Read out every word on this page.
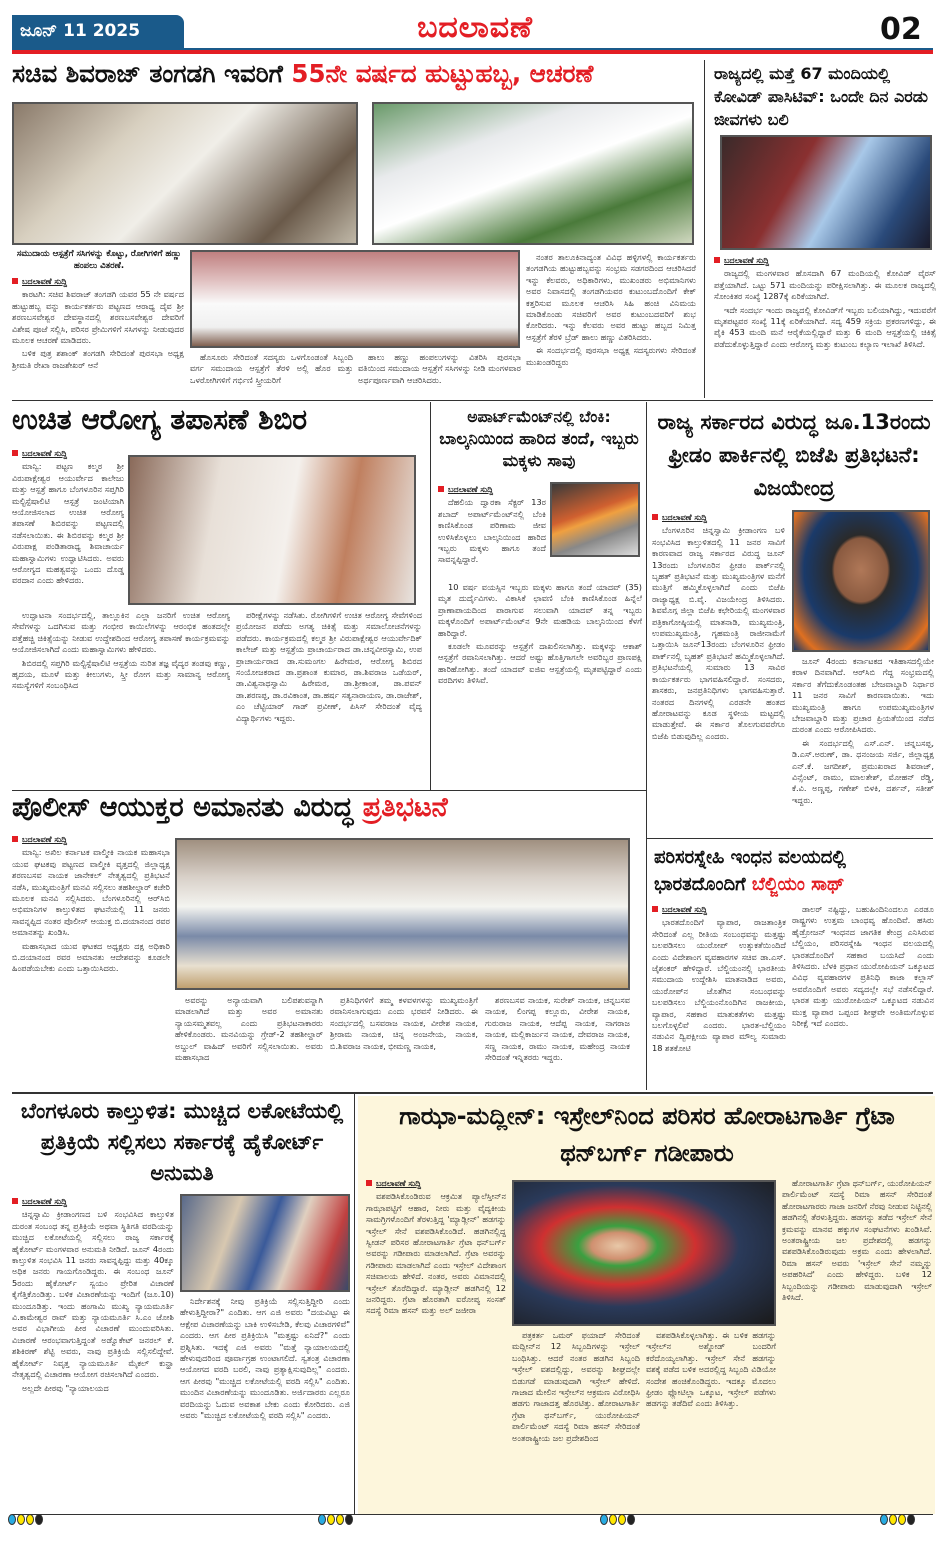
ಜೂನ್ 11 2025	ಬದಲಾವಣೆ	02
ಸಚಿವ ಶಿವರಾಜ್ ತಂಗಡಗಿ ಇವರಿಗೆ 55ನೇ ವರ್ಷದ ಹುಟ್ಟುಹಬ್ಬ, ಆಚರಣೆ
ಸಮುದಾಯ ಆಸ್ಪತ್ರೆಗೆ ಸಸಿಗಳನ್ನು ಕೊಟ್ಟು, ರೋಗಿಗಳಿಗೆ ಹಣ್ಣು ಹಂಪಲು ವಿತರಣೆ.

ಬದಲಾವಣೆ ಸುದ್ದಿ

ಕಾರಟಗಿ: ಸಚಿವ ಶಿವರಾಜ್ ತಂಗಡಗಿ ಯವರ 55 ನೇ ವರ್ಷದ ಹುಟ್ಟುಹಬ್ಬ ವನ್ನು ಕಾರ್ಯಕರ್ತರು ಪಟ್ಟಣದ ಆರಾಧ್ಯ ದೈವ ಶ್ರೀ ಶರಣಬಸವೇಶ್ವರ ದೇವಸ್ಥಾನದಲ್ಲಿ ಶರಣಬಸವೇಶ್ವರ ದೇವರಿಗೆ ವಿಶೇಷ ಪೂಜೆ ಸಲ್ಲಿಸಿ, ಪರಿಸರ ಪ್ರೇಮಿಗಳಿಗೆ ಸಸಿಗಳನ್ನು ನೀಡುವುದರ ಮೂಲಕ ಆಚರಣೆ ಮಾಡಿದರು.

ಬಳಿಕ ಪುತ್ರ ಶಶಾಂಕ್ ತಂಗಡಗಿ ಸೇರಿದಂತೆ ಪುರಸಭಾ ಅಧ್ಯಕ್ಷ ಶ್ರೀಮತಿ ರೇಖಾ ರಾಜಶೇಖರ್ ಆನೆ

ಹೊಸೂರು ಸೇರಿದಂತೆ ಸದಸ್ಯರು ಒಳಗೊಂಡಂತೆ ಸಿಬ್ಬಂದಿ ವರ್ಗ ಸಮುದಾಯ ಆಸ್ಪತ್ರೆಗೆ ತೆರಳಿ ಅಲ್ಲಿ ಹೊರ ಮತ್ತು ಒಳರೋಗಿಗಳಿಗೆ ಗರ್ಭಿಣಿ ಸ್ತ್ರೀಯರಿಗೆ

ಹಾಲು ಹಣ್ಣು ಹಂಪಲುಗಳನ್ನು ವಿತರಿಸಿ ಪುರಸಭಾ ವತಿಯಿಂದ ಸಮುದಾಯ ಆಸ್ಪತ್ರೆಗೆ ಸಸಿಗಳನ್ನು ನೀಡಿ ಮಂಗಳವಾರ ಅರ್ಥಪೂರ್ಣವಾಗಿ ಆಚರಿಸಿದರು.

ನಂತರ ತಾಲೂಕಿನಾದ್ಯಂತ ವಿವಿಧ ಹಳ್ಳಿಗಳಲ್ಲಿ ಕಾರ್ಯಕರ್ತರು ತಂಗಡಗಿಯ ಹುಟ್ಟುಹಬ್ಬವನ್ನು ಸಂಭ್ರಮ ಸಡಗರದಿಂದ ಆಚರಿಸಿದರೆ ಇನ್ನು ಕೆಲವರು, ಅಧಿಕಾರಿಗಳು, ಮುಖಂಡರು ಅಭಿಮಾನಿಗಳು ಅವರ ನಿವಾಸದಲ್ಲಿ ತಂಗಡಗಿಯವರ ಕುಟುಂಬದೊಂದಿಗೆ ಕೇಕ್ ಕತ್ತರಿಸುವ ಮೂಲಕ ಆಚರಿಸಿ ಸಿಹಿ ಹಂಚಿ ವಿನಿಮಯ ಮಾಡಿಕೊಂಡು ಸಚಿವರಿಗೆ ಅವರ ಕುಟುಂಬದವರಿಗೆ ಶುಭ ಕೋರಿದರು. ಇನ್ನು ಕೆಲವರು ಅವರ ಹುಟ್ಟು ಹಬ್ಬದ ನಿಮಿತ್ತ ಆಸ್ಪತ್ರೆಗೆ ತೆರಳಿ ಬ್ರೆಡ್ ಹಾಲು ಹಣ್ಣು ವಿತರಿಸಿದರು.

ಈ ಸಂದರ್ಭದಲ್ಲಿ ಪುರಸಭಾ ಅಧ್ಯಕ್ಷ ಸದಸ್ಯರುಗಳು ಸೇರಿದಂತೆ ಮುಖಂಡರಿದ್ದರು

ರಾಜ್ಯದಲ್ಲಿ ಮತ್ತೆ 67 ಮಂದಿಯಲ್ಲಿ ಕೋವಿಡ್ ಪಾಸಿಟಿವ್: ಒಂದೇ ದಿನ ಎರಡು ಜೀವಗಳು ಬಲಿ

ಬದಲಾವಣೆ ಸುದ್ದಿ

ರಾಜ್ಯದಲ್ಲಿ ಮಂಗಳವಾರ ಹೊಸದಾಗಿ 67 ಮಂದಿಯಲ್ಲಿ ಕೋವಿಡ್ ವೈರಸ್ ಪತ್ತೆಯಾಗಿದೆ. ಒಟ್ಟು 571 ಮಂದಿಯನ್ನು ಪರೀಕ್ಷಿಸಲಾಗಿತ್ತು. ಈ ಮೂಲಕ ರಾಜ್ಯದಲ್ಲಿ ಸೋಂಕಿತರ ಸಂಖ್ಯೆ 1287ಕ್ಕೆ ಏರಿಕೆಯಾಗಿದೆ.

ಇದೇ ಸಂದರ್ಭ ಇಂದು ರಾಜ್ಯದಲ್ಲಿ ಕೋವಿಡ್‌ಗೆ ಇಬ್ಬರು ಬಲಿಯಾಗಿದ್ದು, ಇದುವರೆಗೆ ಮೃತಪಟ್ಟವರ ಸಂಖ್ಯೆ 11ಕ್ಕೆ ಏರಿಕೆಯಾಗಿದೆ. ಸದ್ಯ 459 ಸಕ್ರಿಯ ಪ್ರಕರಣಗಳಿದ್ದು, ಈ ಪೈಕಿ 453 ಮಂದಿ ಮನೆ ಆರೈಕೆಯಲ್ಲಿದ್ದಾರೆ ಮತ್ತು 6 ಮಂದಿ ಆಸ್ಪತ್ರೆಯಲ್ಲಿ ಚಿಕಿತ್ಸೆ ಪಡೆದುಕೊಳ್ಳುತ್ತಿದ್ದಾರೆ ಎಂದು ಆರೋಗ್ಯ ಮತ್ತು ಕುಟುಂಬ ಕಲ್ಯಾಣ ಇಲಾಖೆ ತಿಳಿಸಿದೆ.

ಉಚಿತ ಆರೋಗ್ಯ ತಪಾಸಣೆ ಶಿಬಿರ

ಬದಲಾವಣೆ ಸುದ್ದಿ

ಮಾನ್ವಿ: ಪಟ್ಟಣ ಕಲ್ಮಠ ಶ್ರೀ ವಿರುಪಾಕ್ಷೇಶ್ವರ ಆಯುರ್ವೇದ ಕಾಲೇಜು ಮತ್ತು ಆಸ್ಪತ್ರೆ ಹಾಗೂ ಬೆಂಗಳೂರಿನ ಸಪ್ತಗಿರಿ ಮಲ್ಟಿಸ್ಪೆಷಾಲಿಟಿ ಆಸ್ಪತ್ರೆ ಜಂಟಿಯಾಗಿ ಆಯೋಜಿಸಲಾದ ಉಚಿತ ಆರೋಗ್ಯ ತಪಾಸಣೆ ಶಿಬಿರವನ್ನು ಪಟ್ಟಣದಲ್ಲಿ ನಡೆಸಲಾಯಿತು. ಈ ಶಿಬಿರವನ್ನು ಕಲ್ಮಠ ಶ್ರೀ ವಿರುಪಾಕ್ಷ ಪಂಡಿತಾರಾಧ್ಯ ಶಿವಾಚಾರ್ಯ ಮಹಾಸ್ವಾಮಿಗಳು ಉದ್ಘಾಟಿಸಿದರು. ಅವರು ಆರೋಗ್ಯದ ಮಹತ್ವವನ್ನು ಒಂದು ದೊಡ್ಡ ವರದಾನ ಎಂದು ಹೇಳಿದರು.

ಉದ್ಘಾಟನಾ ಸಂದರ್ಭದಲ್ಲಿ, ತಾಲ್ಲೂಕಿನ ಎಲ್ಲಾ ಜನರಿಗೆ ಉಚಿತ ಆರೋಗ್ಯ ಸೇವೆಗಳನ್ನು ಒದಗಿಸುವ ಮತ್ತು ಗಂಭೀರ ಕಾಯಿಲೆಗಳನ್ನು ಆರಂಭಿಕ ಹಂತದಲ್ಲೇ ಪತ್ತೆಹಚ್ಚಿ ಚಿಕಿತ್ಸೆಯನ್ನು ನೀಡುವ ಉದ್ದೇಶದಿಂದ ಆರೋಗ್ಯ ತಪಾಸಣೆ ಕಾರ್ಯಕ್ರಮವನ್ನು ಆಯೋಜಿಸಲಾಗಿದೆ ಎಂದು ಮಹಾಸ್ವಾಮಿಗಳು ಹೇಳಿದರು.

ಶಿಬಿರದಲ್ಲಿ ಸಪ್ತಗಿರಿ ಮಲ್ಟಿಸ್ಪೆಷಾಲಿಟಿ ಆಸ್ಪತ್ರೆಯ ನುರಿತ ತಜ್ಞ ವೈದ್ಯರ ತಂಡವು ಕಣ್ಣು, ಹೃದಯ, ಮೂಳೆ ಮತ್ತು ಕೀಲುಗಳು, ಸ್ತ್ರೀ ರೋಗ ಮತ್ತು ಸಾಮಾನ್ಯ ಆರೋಗ್ಯ ಸಮಸ್ಯೆಗಳಿಗೆ ಸಂಬಂಧಿಸಿದ

ಪರೀಕ್ಷೆಗಳನ್ನು ನಡೆಸಿತು. ರೋಗಿಗಳಿಗೆ ಉಚಿತ ಆರೋಗ್ಯ ಸೇವೆಗಳಿಂದ ಪ್ರಯೋಜನ ಪಡೆದು ಅಗತ್ಯ ಚಿಕಿತ್ಸೆ ಮತ್ತು ಸಮಾಲೋಚನೆಗಳನ್ನು ಪಡೆದರು. ಕಾರ್ಯಕ್ರಮದಲ್ಲಿ ಕಲ್ಮಠ ಶ್ರೀ ವಿರುಪಾಕ್ಷೇಶ್ವರ ಆಯುರ್ವೇದಿಕ್ ಕಾಲೇಜ್ ಮತ್ತು ಆಸ್ಪತ್ರೆಯ ಪ್ರಾಚಾರ್ಯರಾದ ಡಾ.ಚನ್ನವೀರಸ್ವಾಮಿ, ಉಪ ಪ್ರಾಚಾರ್ಯರಾದ ಡಾ.ಸುಮಂಗಲ ಹಿರೇಮಠ, ಆರೋಗ್ಯ ಶಿಬಿರದ ಸಂಯೋಜಕರಾದ ಡಾ.ಪ್ರಶಾಂತ ಕುಮಾರ, ಡಾ.ಶಿವರಾಜ ಒಡೆಯರ್, ಡಾ.ವಿಶ್ವನಾಥಸ್ವಾಮಿ ಹಿರೇಮಠ, ಡಾ.ಶ್ರೀಕಾಂತ, ಡಾ.ಪವನ್ ಡಾ.ಶರಣಪ್ಪ, ಡಾ.ರವಿಕಾಂತ, ಡಾ.ಹರ್ಷ ಸತ್ಯನಾರಾಯಣ, ಡಾ.ರಾಜೇಶ್, ಎಂ ಚೆಟ್ಟಿಯಾರ್ ಗಾಡ್ ಪ್ರವೀಣ್, ಪಿಸಿಸ್ ಸೇರಿದಂತೆ ವೈದ್ಯ ವಿದ್ಯಾರ್ಥಿಗಳು ಇದ್ದರು.

ಅಪಾರ್ಟ್‌ಮೆಂಟ್‌ನಲ್ಲಿ ಬೆಂಕಿ:
ಬಾಲ್ಕನಿಯಿಂದ ಹಾರಿದ ತಂದೆ, ಇಬ್ಬರು ಮಕ್ಕಳು ಸಾವು

ಬದಲಾವಣೆ ಸುದ್ದಿ

ದೆಹಲಿಯ ದ್ವಾರಕಾ ಸೆಕ್ಟರ್ 13ರ ಶಬಾದ್ ಅಪಾರ್ಟ್‌ಮೆಂಟ್‌ನಲ್ಲಿ ಬೆಂಕಿ ಕಾಣಿಸಿಕೊಂಡ ಪರಿಣಾಮ ಜೀವ ಉಳಿಸಿಕೊಳ್ಳಲು ಬಾಲ್ಕನಿಯಿಂದ ಹಾರಿದ ಇಬ್ಬರು ಮಕ್ಕಳು ಹಾಗೂ ತಂದೆ ಸಾವನ್ನಪ್ಪಿದ್ದಾರೆ.

10 ವರ್ಷ ವಯಸ್ಸಿನ ಇಬ್ಬರು ಮಕ್ಕಳು ಹಾಗೂ ತಂದೆ ಯಾದವ್ (35) ಮೃತ ದುರ್ದೈವಿಗಳು. ವಿಕಾಸಿಕೆ ಛಾವಣಿ ಬೆಂಕಿ ಕಾಣಿಸಿಕೊಂಡ ಹಿನ್ನೆಲೆ ಪ್ರಾಣಾಪಾಯದಿಂದ ಪಾರಾಗುವ ಸಲುವಾಗಿ ಯಾದವ್ ತನ್ನ ಇಬ್ಬರು ಮಕ್ಕಳೊಂದಿಗೆ ಅಪಾರ್ಟ್‌ಮೆಂಟ್‌ನ 9ನೇ ಮಹಡಿಯ ಬಾಲ್ಕನಿಯಿಂದ ಕೆಳಗೆ ಹಾರಿದ್ದಾರೆ.

ಕೂಡಲೇ ಮೂವರನ್ನು ಆಸ್ಪತ್ರೆಗೆ ದಾಖಲಿಸಲಾಗಿತ್ತು. ಮಕ್ಕಳನ್ನು ಆಕಾಶ್ ಆಸ್ಪತ್ರೆಗೆ ರವಾನಿಸಲಾಗಿತ್ತು. ಆದರೆ ಅಷ್ಟು ಹೊತ್ತಿಗಾಗಲೇ ಅವರಿಬ್ಬರ ಪ್ರಾಣಪಕ್ಷಿ ಹಾರಿಹೋಗಿತ್ತು. ತಂದೆ ಯಾದವ್ ಐಜಿಐ ಆಸ್ಪತ್ರೆಯಲ್ಲಿ ಮೃತಪಟ್ಟಿದ್ದಾರೆ ಎಂದು ವರದಿಗಳು ತಿಳಿಸಿವೆ.

ರಾಜ್ಯ ಸರ್ಕಾರದ ವಿರುದ್ಧ ಜೂ.13ರಂದು ಫ್ರೀಡಂ ಪಾರ್ಕಿನಲ್ಲಿ ಬಿಜೆಪಿ ಪ್ರತಿಭಟನೆ: ವಿಜಯೇಂದ್ರ

ಬದಲಾವಣೆ ಸುದ್ದಿ

ಬೆಂಗಳೂರಿನ ಚಿನ್ನಸ್ವಾಮಿ ಕ್ರೀಡಾಂಗಣ ಬಳಿ ಸಂಭವಿಸಿದ ಕಾಲ್ತುಳಿತದಲ್ಲಿ 11 ಜನರ ಸಾವಿಗೆ ಕಾರಣವಾದ ರಾಜ್ಯ ಸರ್ಕಾರದ ವಿರುದ್ಧ ಜೂನ್ 13ರಂದು ಬೆಂಗಳೂರಿನ ಫ್ರೀಡಂ ಪಾರ್ಕ್‌ನಲ್ಲಿ ಬೃಹತ್ ಪ್ರತಿಭಟನೆ ಮತ್ತು ಮುಖ್ಯಮಂತ್ರಿಗಳ ಮನೆಗೆ ಮುತ್ತಿಗೆ ಹಮ್ಮಿಕೊಳ್ಳಲಾಗಿದೆ ಎಂದು ಬಿಜೆಪಿ ರಾಜ್ಯಾಧ್ಯಕ್ಷ ಬಿ.ವೈ. ವಿಜಯೇಂದ್ರ ತಿಳಿಸಿದರು. ಶಿವಮೊಗ್ಗ ಜಿಲ್ಲಾ ಬಿಜೆಪಿ ಕಛೇರಿಯಲ್ಲಿ ಮಂಗಳವಾರ ಪತ್ರಿಕಾಗೋಷ್ಠಿಯಲ್ಲಿ ಮಾತನಾಡಿ, ಮುಖ್ಯಮಂತ್ರಿ, ಉಪಮುಖ್ಯಮಂತ್ರಿ, ಗೃಹಮಂತ್ರಿ ರಾಜೀನಾಮೆಗೆ ಒತ್ತಾಯಿಸಿ ಜೂನ್13ರಂದು ಬೆಂಗಳೂರಿನ ಫ್ರೀಡಂ ಪಾರ್ಕ್‌ನಲ್ಲಿ ಬೃಹತ್ ಪ್ರತಿಭಟನೆ ಹಮ್ಮಿಕೊಳ್ಳಲಾಗಿದೆ. ಪ್ರತಿಭಟನೆಯಲ್ಲಿ ಸುಮಾರು 13 ಸಾವಿರ ಕಾರ್ಯಕರ್ತರು ಭಾಗವಹಿಸಲಿದ್ದಾರೆ. ಸಂಸದರು, ಶಾಸಕರು, ಜನಪ್ರತಿನಿಧಿಗಳು ಭಾಗವಹಿಸುತ್ತಾರೆ. ನಂತರದ ದಿನಗಳಲ್ಲಿ ಎರಡನೇ ಹಂತದ ಹೋರಾಟವನ್ನು ಕೂಡ ಸ್ಥಳೀಯ ಮಟ್ಟದಲ್ಲಿ ಮಾಡುತ್ತೇವೆ. ಈ ಸರ್ಕಾರ ತೊಲಗುವವರೆಗೂ ಬಿಜೆಪಿ ಬಿಡುವುದಿಲ್ಲ ಎಂದರು.

ಜೂನ್ 4ರಂದು ಕರ್ನಾಟಕದ ಇತಿಹಾಸದಲ್ಲಿಯೇ ಕರಾಳ ದಿನವಾಗಿದೆ. ಆರ್‌ಸಿಬಿ ಗೆದ್ದ ಸಂಭ್ರಮದಲ್ಲಿ ಸರ್ಕಾರ ತೆಗೆದುಕೊಂಡಂತಹ ಬೇಜವಾಬ್ದಾರಿ ನಿರ್ಧಾರ 11 ಜನರ ಸಾವಿಗೆ ಕಾರಣವಾಯಿತು. ಇದು ಮುಖ್ಯಮಂತ್ರಿ ಹಾಗೂ ಉಪಮುಖ್ಯಮಂತ್ರಿಗಳ ಬೇಜವಾಬ್ದಾರಿ ಮತ್ತು ಪ್ರಚಾರ ಪ್ರಿಯತೆಯಿಂದ ನಡೆದ ದುರಂತ ಎಂದು ಆರೋಪಿಸಿದರು.

ಈ ಸಂದರ್ಭದಲ್ಲಿ ಎಸ್.ಎನ್. ಚನ್ನಬಸಪ್ಪ, ಡಿ.ಎಸ್.ಅರುಣ್, ಡಾ. ಧನಂಜಯ ಸರ್ಜಿ, ಜಿಲ್ಲಾಧ್ಯಕ್ಷ ಎನ್.ಕೆ. ಜಗದೀಶ್, ಪ್ರಮುಖರಾದ ಶಿವರಾಜ್, ವಿನ್ಸೆಂಟ್, ರಾಮು, ಮಾಲತೇಶ್, ಮೋಹನ್ ರೆಡ್ಡಿ, ಕೆ.ವಿ. ಅಣ್ಣಪ್ಪ, ಗಣೇಶ್ ಬಿಳಕಿ, ದರ್ಶನ್, ಸತೀಶ್ ಇದ್ದರು.

ಪೊಲೀಸ್ ಆಯುಕ್ತರ ಅಮಾನತು ವಿರುದ್ಧ ಪ್ರತಿಭಟನೆ

ಬದಲಾವಣೆ ಸುದ್ದಿ

ಮಾನ್ವಿ: ಅಖಿಲ ಕರ್ನಾಟಕ ವಾಲ್ಮೀಕಿ ನಾಯಕ ಮಹಾಸಭಾ ಯುವ ಘಟಕವು ಪಟ್ಟಣದ ವಾಲ್ಮೀಕಿ ವೃತ್ತದಲ್ಲಿ ಜಿಲ್ಲಾಧ್ಯಕ್ಷ ಶರಣಬಸವ ನಾಯಕ ಜಾನೇಕಲ್ ನೇತೃತ್ವದಲ್ಲಿ ಪ್ರತಿಭಟನೆ ನಡೆಸಿ, ಮುಖ್ಯಮಂತ್ರಿಗೆ ಮನವಿ ಸಲ್ಲಿಸಲು ತಹಶೀಲ್ದಾರ್ ಕಚೇರಿ ಮೂಲಕ ಮನವಿ ಸಲ್ಲಿಸಿದರು. ಬೆಂಗಳೂರಿನಲ್ಲಿ ಆರ್‌ಸಿಬಿ ಅಭಿಮಾನಿಗಳ ಕಾಲ್ತುಳಿತದ ಘಟನೆಯಲ್ಲಿ 11 ಜನರು ಸಾವನ್ನಪ್ಪಿದ ನಂತರ ಪೊಲೀಸ್ ಆಯುಕ್ತ ಬಿ.ದಯಾನಂದ ರವರ ಅಮಾನತನ್ನು ಖಂಡಿಸಿ.

ಮಹಾಸಭಾದ ಯುವ ಘಟಕದ ಅಧ್ಯಕ್ಷರು ದಕ್ಷ ಅಧಿಕಾರಿ ಬಿ.ದಯಾನಂದ ರವರ ಅಮಾನತು ಆದೇಶವನ್ನು ಕೂಡಲೇ ಹಿಂಪಡೆಯಬೇಕು ಎಂದು ಒತ್ತಾಯಿಸಿದರು.

ಅವರನ್ನು ಅನ್ಯಾಯವಾಗಿ ಬಲಿಪಶುವನ್ನಾಗಿ ಮಾಡಲಾಗಿದೆ ಮತ್ತು ಅವರ ಅಮಾನತು ನ್ಯಾಯಸಮ್ಮತವಲ್ಲ ಎಂದು ಪ್ರತಿಭಟನಾಕಾರರು ಹೇಳಿಕೊಂಡರು. ಮನವಿಯನ್ನು ಗ್ರೇಡ್-2 ತಹಶೀಲ್ದಾರ್ ಅಬ್ದುಲ್ ವಾಹಿದ್ ಅವರಿಗೆ ಸಲ್ಲಿಸಲಾಯಿತು. ಅವರು ಮಹಾಸಭಾದ

ಪ್ರತಿನಿಧಿಗಳಿಗೆ ತಮ್ಮ ಕಳವಳಗಳನ್ನು ಮುಖ್ಯಮಂತ್ರಿಗೆ ರವಾನಿಸಲಾಗುವುದು ಎಂದು ಭರವಸೆ ನೀಡಿದರು. ಈ ಸಂದರ್ಭದಲ್ಲಿ ಬಸವರಾಜ ನಾಯಕ, ವೀರೇಶ ನಾಯಕ, ಶ್ರೀರಾಮ ನಾಯಕ, ಚಿನ್ನ ಅಂಜನೇಯ, ನಾಯಕ, ಬಿ.ಶಿವರಾಜ ನಾಯಕ, ಭೀಮಣ್ಣ ನಾಯಕ,

ಶರಣಬಸವ ನಾಯಕ, ಸುರೇಶ್ ನಾಯಕ, ಚನ್ನಬಸವ ನಾಯಕ, ಲಿಂಗಪ್ಪ ಕಲ್ಲೂರು, ವೀರೇಶ ನಾಯಕ, ಗುರುರಾಜ ನಾಯಕ, ಆದೆಪ್ಪ ನಾಯಕ, ನಾಗರಾಜ ನಾಯಕ, ಮಲ್ಲಿಕಾರ್ಜುನ ನಾಯಕ, ದೇವರಾಜ ನಾಯಕ, ಸಣ್ಣ ನಾಯಕ, ರಾಮು ನಾಯಕ, ಮಹೇಂದ್ರ ನಾಯಕ ಸೇರಿದಂತೆ ಇನ್ನಿತರರು ಇದ್ದರು.

ಪರಿಸರಸ್ನೇಹಿ ಇಂಧನ ವಲಯದಲ್ಲಿ ಭಾರತದೊಂದಿಗೆ ಬೆಲ್ಜಿಯಂ ಸಾಥ್

ಬದಲಾವಣೆ ಸುದ್ದಿ

ಭಾರತದೊಂದಿಗೆ ವ್ಯಾಪಾರ, ರಾಜತಾಂತ್ರಿಕ ಸೇರಿದಂತೆ ಎಲ್ಲ ರೀತಿಯ ಸಂಬಂಧವನ್ನು ಮತ್ತಷ್ಟು ಬಲಪಡಿಸಲು ಯುರೋಪ್ ಉತ್ಸುಕತೆಯಿಂದಿದೆ ಎಂದು ವಿದೇಶಾಂಗ ವ್ಯವಹಾರಗಳ ಸಚಿವ ಡಾ.ಎಸ್. ಜೈಶಂಕರ್ ಹೇಳಿದ್ದಾರೆ. ಬೆಲ್ಜಿಯಂನಲ್ಲಿ ಭಾರತೀಯ ಸಮುದಾಯ ಉದ್ದೇಶಿಸಿ ಮಾತನಾಡಿದ ಅವರು, ಯುರೋಪ್‌ನ ಜೊತೆಗಿನ ಸಂಬಂಧವನ್ನು ಬಲಪಡಿಸಲು ಬೆಲ್ಜಿಯಂನೊಂದಿಗಿನ ರಾಜಕೀಯ, ವ್ಯಾಪಾರ, ಸಹಕಾರ ಮಾತುಕತೆಗಳು ಮತ್ತಷ್ಟು ಬಲಗೊಳ್ಳಲಿವೆ ಎಂದರು. ಭಾರತ-ಬೆಲ್ಜಿಯಂ ನಡುವಿನ ದ್ವಿಪಕ್ಷೀಯ ವ್ಯಾಪಾರ ಮೌಲ್ಯ ಸುಮಾರು 18 ಶತಕೋಟಿ

ಡಾಲರ್ ನಷ್ಟಿದ್ದು, ಬಹುಹಿಂದಿನಿಂದಲೂ ಎರಡೂ ರಾಷ್ಟ್ರಗಳು ಉತ್ತಮ ಬಾಂಧವ್ಯ ಹೊಂದಿವೆ. ಹಸಿರು ಹೈಡ್ರೋಜನ್ ಇಂಧನದ ಜಾಗತಿಕ ಕೇಂದ್ರ ಎನಿಸಿರುವ ಬೆಲ್ಜಿಯಂ, ಪರಿಸರಸ್ನೇಹಿ ಇಂಧನ ವಲಯದಲ್ಲಿ ಭಾರತದೊಂದಿಗೆ ಸಹಕಾರ ಬಯಸಿದೆ ಎಂದು ತಿಳಿಸಿದರು. ಬೆಳಕಿ ಪ್ರಧಾನ ಯುರೋಪಿಯನ್ ಒಕ್ಕೂಟದ ವಿವಿಧ ವ್ಯವಹಾರಗಳ ಪ್ರತಿನಿಧಿ ಕಾಜಾ ಕಲ್ಲಾಸ್ ಅವರೊಂದಿಗೆ ಅವರು ಸದ್ಯದಲ್ಲೇ ಸಭೆ ನಡೆಸಲಿದ್ದಾರೆ. ಭಾರತ ಮತ್ತು ಯುರೋಪಿಯನ್ ಒಕ್ಕೂಟದ ನಡುವಿನ ಮುಕ್ತ ವ್ಯಾಪಾರ ಒಪ್ಪಂದ ಶೀಘ್ರವೇ ಅಂತಿಮಗೊಳ್ಳುವ ನಿರೀಕ್ಷೆ ಇದೆ ಎಂದರು.

ಬೆಂಗಳೂರು ಕಾಲ್ತುಳಿತ: ಮುಚ್ಚಿದ ಲಕೋಟೆಯಲ್ಲಿ ಪ್ರತಿಕ್ರಿಯೆ ಸಲ್ಲಿಸಲು ಸರ್ಕಾರಕ್ಕೆ ಹೈಕೋರ್ಟ್ ಅನುಮತಿ

ಬದಲಾವಣೆ ಸುದ್ದಿ

ಚಿನ್ನಸ್ವಾಮಿ ಕ್ರೀಡಾಂಗಣದ ಬಳಿ ಸಂಭವಿಸಿದ ಕಾಲ್ತುಳಿತ ದುರಂತ ಸಂಬಂಧ ತನ್ನ ಪ್ರತಿಕ್ರಿಯೆ ಅಥವಾ ಸ್ಥಿತಿಗತಿ ವರದಿಯನ್ನು ಮುಚ್ಚಿದ ಲಕೋಟೆಯಲ್ಲಿ ಸಲ್ಲಿಸಲು ರಾಜ್ಯ ಸರ್ಕಾರಕ್ಕೆ ಹೈಕೋರ್ಟ್ ಮಂಗಳವಾರ ಅನುಮತಿ ನೀಡಿದೆ. ಜೂನ್ 4ರಂದು ಕಾಲ್ತುಳಿತ ಸಂಭವಿಸಿ 11 ಜನರು ಸಾವನ್ನಪ್ಪಿದ್ದು ಮತ್ತು 40ಕ್ಕೂ ಅಧಿಕ ಜನರು ಗಾಯಗೊಂಡಿದ್ದರು. ಈ ಸಂಬಂಧ ಜೂನ್ 5ರಂದು ಹೈಕೋರ್ಟ್ ಸ್ವಯಂ ಪ್ರೇರಿತ ವಿಚಾರಣೆ ಕೈಗೆತ್ತಿಕೊಂಡಿತ್ತು. ಬಳಿಕ ವಿಚಾರಣೆಯನ್ನು ಇಂದಿಗೆ (ಜೂ.10) ಮುಂದೂಡಿತ್ತು. ಇಂದು ಹಂಗಾಮಿ ಮುಖ್ಯ ನ್ಯಾಯಮೂರ್ತಿ ವಿ.ಕಾಮೇಶ್ವರ ರಾವ್ ಮತ್ತು ನ್ಯಾಯಮೂರ್ತಿ ಸಿ.ಎಂ ಜೋಶಿ ಅವರ ವಿಭಾಗೀಯ ಪೀಠ ವಿಚಾರಣೆ ಮುಂದುವರಿಸಿತು. ವಿಚಾರಣೆ ಆರಂಭವಾಗುತ್ತಿದ್ದಂತೆ ಅಡ್ವೊಕೇಟ್ ಜನರಲ್ ಕೆ. ಶಶಿಕಿರಣ್ ಶೆಟ್ಟಿ ಅವರು, ನಾವು ಪ್ರತಿಕ್ರಿಯೆ ಸಲ್ಲಿಸಲಿದ್ದೇವೆ. ಹೈಕೋರ್ಟ್ ನಿವೃತ್ತ ನ್ಯಾಯಮೂರ್ತಿ ಮೈಕಲ್ ಕುನ್ಹಾ ನೇತೃತ್ವದಲ್ಲಿ ವಿಚಾರಣಾ ಆಯೋಗ ರಚಿಸಲಾಗಿದೆ ಎಂದರು.

ಅಲ್ಲದೇ ಪೀಠವು "ನ್ಯಾಯಾಲಯದ

ನಿರ್ದೇಶನಕ್ಕೆ ನೀವು ಪ್ರತಿಕ್ರಿಯೆ ಸಲ್ಲಿಸುತ್ತಿದ್ದೀರಿ ಎಂದು ಹೇಳುತ್ತಿದ್ದೀರಾ?" ಎಂದಿತು. ಆಗ ಎಜಿ ಅವರು "ದಯವಿಟ್ಟು ಈ ಆಕ್ಷೇಪ ವಿಚಾರಣೆಯನ್ನು ಬಾಕಿ ಉಳಿಸಬೇಡಿ, ಕೆಲವು ವಿಚಾರಗಳಿವೆ" ಎಂದರು. ಆಗ ಪೀಠ ಪ್ರತಿಕ್ರಿಯಿಸಿ "ಮತ್ತಷ್ಟು ಏನಿದೆ?" ಎಂದು ಪ್ರಶ್ನಿಸಿತು. ಇದಕ್ಕೆ ಎಜಿ ಅವರು "ಮತ್ತೆ ನ್ಯಾಯಾಲಯದಲ್ಲಿ ಹೇಳುವುದರಿಂದ ಪೂರ್ವಾಗ್ರಹ ಉಂಟಾಗಲಿದೆ. ಸ್ವತಂತ್ರ ವಿಚಾರಣಾ ಆಯೋಗದ ವರದಿ ಬರಲಿ, ನಾವು ಪ್ರತ್ಯಾಕ್ಷಿಸುವುದಿಲ್ಲ" ಎಂದರು. ಆಗ ಪೀಠವು "ಮುಚ್ಚಿದ ಲಕೋಟೆಯಲ್ಲಿ ವರದಿ ಸಲ್ಲಿಸಿ" ಎಂದಿತು. ಮುಂದಿನ ವಿಚಾರಣೆಯನ್ನು ಮುಂದೂಡಿತು. ಅರ್ಜಿದಾರರು ಎಲ್ಲರೂ ವರದಿಯನ್ನು ಓದುವ ಅವಕಾಶ ಬೇಕು ಎಂದು ಕೋರಿದರು. ಎಜಿ ಅವರು "ಮುಚ್ಚಿದ ಲಕೋಟೆಯಲ್ಲಿ ವರದಿ ಸಲ್ಲಿಸಿ" ಎಂದರು.

ಗಾಝಾ-ಮದ್ಲೀನ್: ಇಸ್ರೇಲ್‌ನಿಂದ ಪರಿಸರ ಹೋರಾಟಗಾರ್ತಿ ಗ್ರೆಟಾ ಥನ್‌ಬರ್ಗ್ ಗಡೀಪಾರು

ಬದಲಾವಣೆ ಸುದ್ದಿ

ವಶಪಡಿಸಿಕೊಂಡಿರುವ ಆಕ್ರಮಿತ ಪ್ಯಾಲೆಸ್ತೀನ್‌ನ ಗಾಝಾಪಟ್ಟಿಗೆ ಆಹಾರ, ನೀರು ಮತ್ತು ವೈದ್ಯಕೀಯ ಸಾಮಗ್ರಿಗಳೊಂದಿಗೆ ತೆರಳುತ್ತಿದ್ದ 'ಮ್ಯಾಡ್ಲೀನ್' ಹಡಗನ್ನು ಇಸ್ರೇಲ್ ಸೇನೆ ವಶಪಡಿಸಿಕೊಂಡಿದೆ. ಹಡಗಿನಲ್ಲಿದ್ದ ಸ್ವೀಡನ್ ಪರಿಸರ ಹೋರಾಟಗಾರ್ತಿ ಗ್ರೆಟಾ ಥನ್‌ಬರ್ಗ್ ಅವರನ್ನು ಗಡೀಪಾರು ಮಾಡಲಾಗಿದೆ. ಗ್ರೆಟಾ ಅವರನ್ನು ಗಡೀಪಾರು ಮಾಡಲಾಗಿದೆ ಎಂದು ಇಸ್ರೇಲ್ ವಿದೇಶಾಂಗ ಸಚಿವಾಲಯ ಹೇಳಿದೆ. ನಂತರ, ಅವರು ವಿಮಾನದಲ್ಲಿ ಇಸ್ರೇಲ್ ತೊರೆದಿದ್ದಾರೆ. ಮ್ಯಾಡ್ಲೀನ್ ಹಡಗಿನಲ್ಲಿ 12 ಜನರಿದ್ದರು. ಗ್ರೆಟಾ ಹೊರತಾಗಿ ಐರೋಪ್ಯ ಸಂಸತ್ ಸದಸ್ಯೆ ರಿಮಾ ಹಸನ್ ಮತ್ತು ಅಲ್ ಜಜೀರಾ

ಪತ್ರಕರ್ತ ಒಮರ್ ಫಯಾದ್ ಸೇರಿದಂತೆ ಮದ್ಲೀನ್‌ನ 12 ಸಿಬ್ಬಂದಿಗಳನ್ನು ಇಸ್ರೇಲ್ ಬಂಧಿಸಿತ್ತು. ಆದರೆ ನಂತರ ಹಡಗಿನ ಸಿಬ್ಬಂದಿ ಇಸ್ರೇಲ್ ವಶದಲ್ಲಿದ್ದು, ಅವರನ್ನು ಶೀಘ್ರದಲ್ಲೇ ಬಿಡುಗಡೆ ಮಾಡುವುದಾಗಿ ಇಸ್ರೇಲ್ ಹೇಳಿದೆ. ಗಾಜಾದ ಮೇಲಿನ ಇಸ್ರೇಲ್‌ನ ಆಕ್ರಮಣ ವಿರೋಧಿಸಿ ಹಡಗು ಗಾಜಾದತ್ತ ಹೊರಟಿತ್ತು. ಹೋರಾಟಗಾರ್ತಿ ಗ್ರೆಟಾ ಥನ್‌ಬರ್ಗ್, ಯುರೋಪಿಯನ್ ಪಾರ್ಲಿಮೆಂಟ್ ಸದಸ್ಯೆ ರಿಮಾ ಹಸನ್ ಸೇರಿದಂತೆ ಅಂತರಾಷ್ಟ್ರೀಯ ಜಲ ಪ್ರದೇಶದಿಂದ

ವಶಪಡಿಸಿಕೊಳ್ಳಲಾಗಿತ್ತು. ಈ ಬಳಿಕ ಹಡಗನ್ನು ಇಸ್ರೇಲ್‌ನ ಅಶ್ಡೋಡ್ ಬಂದರಿಗೆ ಕರೆದೊಯ್ಯಲಾಗಿತ್ತು. ಇಸ್ರೇಲ್ ಸೇನೆ ಹಡಗನ್ನು ವಶಕ್ಕೆ ಪಡೆದ ಬಳಿಕ ಅದರಲ್ಲಿದ್ದ ಸಿಬ್ಬಂದಿ ವಿಡಿಯೋ ಸಂದೇಶ ಹಂಚಿಕೊಂಡಿದ್ದರು. ಇದಕ್ಕೂ ಮೊದಲು ಫ್ರೀಡಂ ಫ್ಲೋಟಿಲ್ಲಾ ಒಕ್ಕೂಟ, ಇಸ್ರೇಲ್ ಪಡೆಗಳು ಹಡಗನ್ನು ತಡೆದಿವೆ ಎಂದು ತಿಳಿಸಿತ್ತು.

ಹೋರಾಟಗಾರ್ತಿ ಗ್ರೆಟಾ ಥನ್‌ಬರ್ಗ್, ಯುರೋಪಿಯನ್ ಪಾರ್ಲಿಮೆಂಟ್ ಸದಸ್ಯೆ ರಿಮಾ ಹಸನ್ ಸೇರಿದಂತೆ ಹೋರಾಟಗಾರರು ಗಾಜಾ ಜನರಿಗೆ ನೆರವು ನೀಡುವ ನಿಟ್ಟಿನಲ್ಲಿ ಹಡಗಿನಲ್ಲಿ ತೆರಳುತ್ತಿದ್ದರು. ಹಡಗನ್ನು ತಡೆದ ಇಸ್ರೇಲ್ ಸೇನೆ ಕ್ರಮವನ್ನು ಮಾನವ ಹಕ್ಕುಗಳ ಸಂಘಟನೆಗಳು ಖಂಡಿಸಿವೆ. ಅಂತರಾಷ್ಟ್ರೀಯ ಜಲ ಪ್ರದೇಶದಲ್ಲಿ ಹಡಗನ್ನು ವಶಪಡಿಸಿಕೊಂಡಿರುವುದು ಅಕ್ರಮ ಎಂದು ಹೇಳಲಾಗಿದೆ. ರಿಮಾ ಹಸನ್ ಅವರು 'ಇಸ್ರೇಲ್ ಸೇನೆ ನಮ್ಮನ್ನು ಅಪಹರಿಸಿದೆ' ಎಂದು ಹೇಳಿದ್ದರು. ಬಳಿಕ 12 ಸಿಬ್ಬಂದಿಯನ್ನು ಗಡೀಪಾರು ಮಾಡುವುದಾಗಿ ಇಸ್ರೇಲ್ ತಿಳಿಸಿದೆ.
